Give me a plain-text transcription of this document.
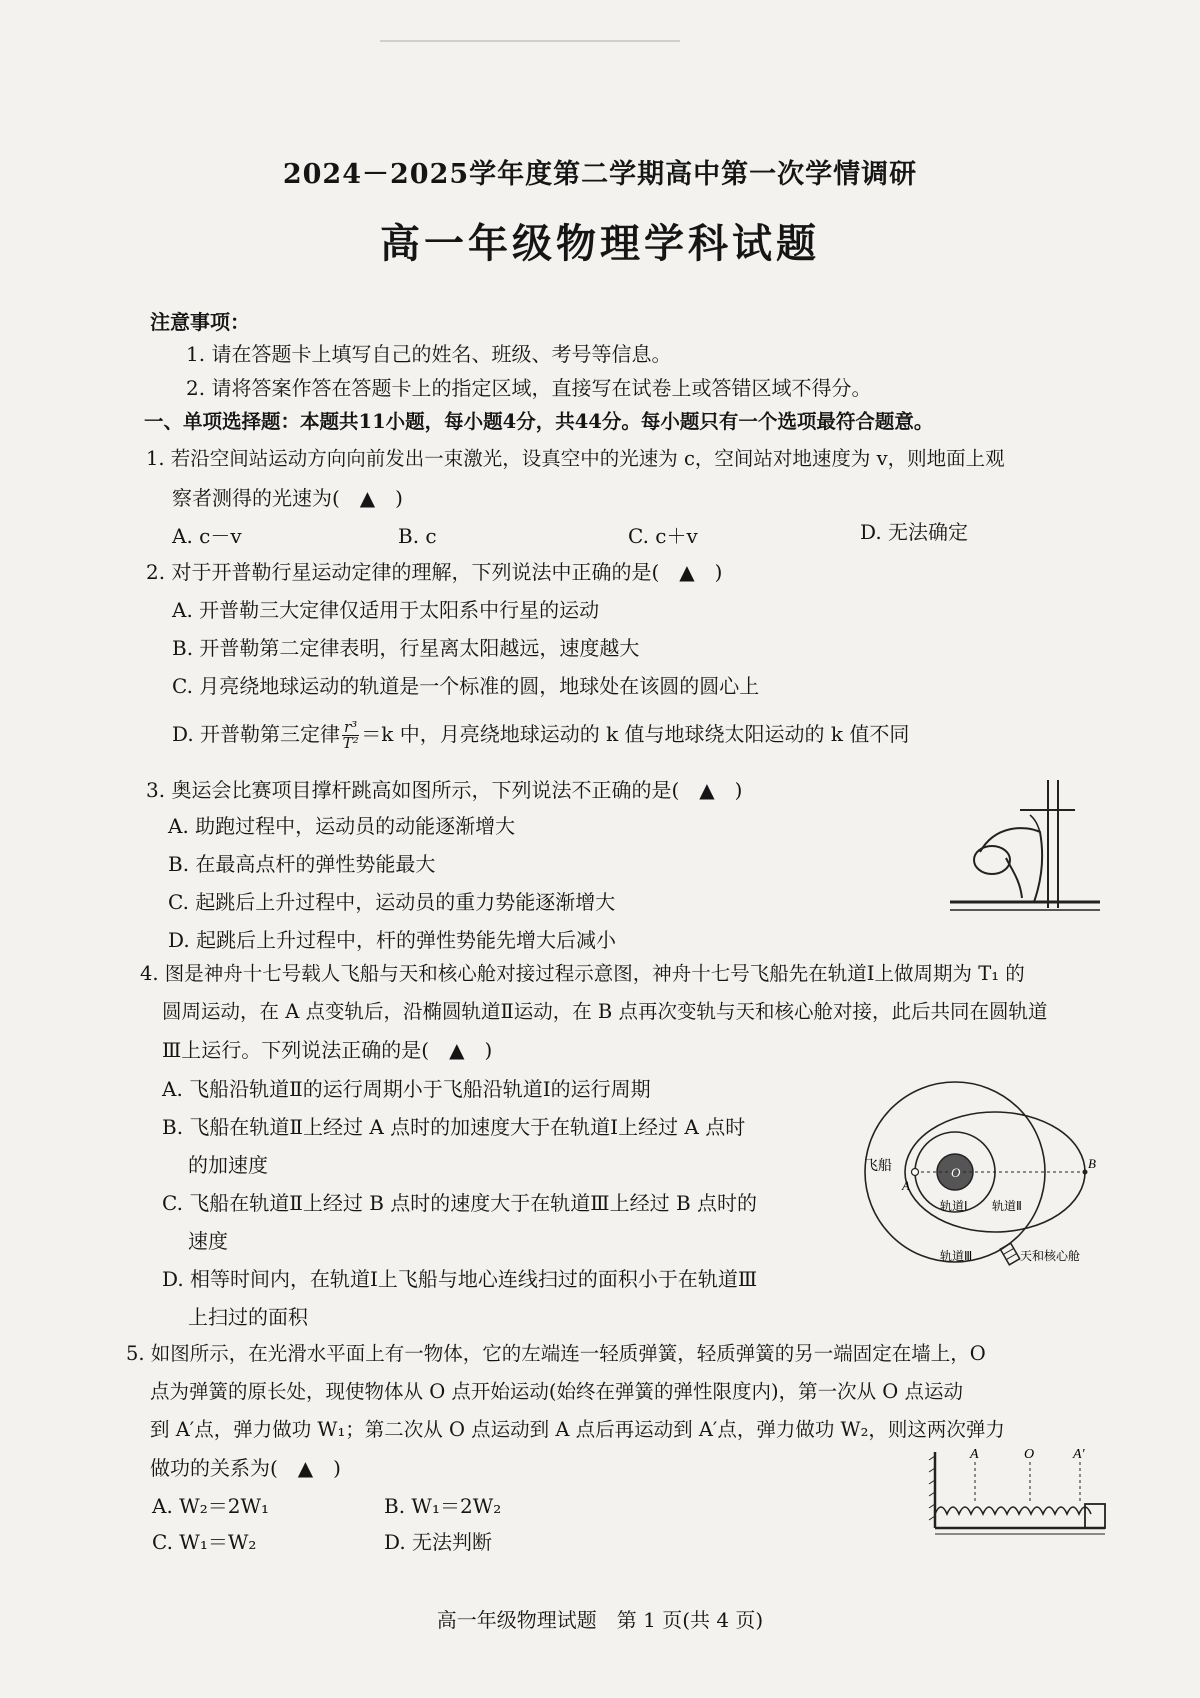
2024－2025学年度第二学期高中第一次学情调研
高一年级物理学科试题
注意事项：
1. 请在答题卡上填写自己的姓名、班级、考号等信息。
2. 请将答案作答在答题卡上的指定区域，直接写在试卷上或答错区域不得分。
一、单项选择题：本题共11小题，每小题4分，共44分。每小题只有一个选项最符合题意。
1. 若沿空间站运动方向向前发出一束激光，设真空中的光速为 c，空间站对地速度为 v，则地面上观
察者测得的光速为(　▲　)
A. c－v	B. c	C. c＋v	D. 无法确定
2. 对于开普勒行星运动定律的理解，下列说法中正确的是(　▲　)
A. 开普勒三大定律仅适用于太阳系中行星的运动
B. 开普勒第二定律表明，行星离太阳越远，速度越大
C. 月亮绕地球运动的轨道是一个标准的圆，地球处在该圆的圆心上
D. 开普勒第三定律 $\frac{\text{r³}}{\text{T²}} =k$ 中，月亮绕地球运动的 k 值与地球绕太阳运动的 k 值不同
3. 奥运会比赛项目撑杆跳高如图所示，下列说法不正确的是(　▲　)
A. 助跑过程中，运动员的动能逐渐增大
B. 在最高点杆的弹性势能最大
C. 起跳后上升过程中，运动员的重力势能逐渐增大
D. 起跳后上升过程中，杆的弹性势能先增大后减小
4. 图是神舟十七号载人飞船与天和核心舱对接过程示意图，神舟十七号飞船先在轨道Ⅰ上做周期为 T₁ 的
圆周运动，在 A 点变轨后，沿椭圆轨道Ⅱ运动，在 B 点再次变轨与天和核心舱对接，此后共同在圆轨道
Ⅲ上运行。下列说法正确的是(　▲　)
A. 飞船沿轨道Ⅱ的运行周期小于飞船沿轨道Ⅰ的运行周期
B. 飞船在轨道Ⅱ上经过 A 点时的加速度大于在轨道Ⅰ上经过 A 点时
的加速度
C. 飞船在轨道Ⅱ上经过 B 点时的速度大于在轨道Ⅲ上经过 B 点时的
速度
D. 相等时间内，在轨道Ⅰ上飞船与地心连线扫过的面积小于在轨道Ⅲ
上扫过的面积
飞船
A
B
O
轨道Ⅰ 轨道Ⅱ
轨道Ⅲ	天和核心舱
5. 如图所示，在光滑水平面上有一物体，它的左端连一轻质弹簧，轻质弹簧的另一端固定在墙上，O
点为弹簧的原长处，现使物体从 O 点开始运动(始终在弹簧的弹性限度内)，第一次从 O 点运动
到 A′点，弹力做功 W₁；第二次从 O 点运动到 A 点后再运动到 A′点，弹力做功 W₂，则这两次弹力
做功的关系为(　▲　)
A. W₂＝2W₁	B. W₁＝2W₂
C. W₁＝W₂	D. 无法判断
A	O	A′
高一年级物理试题　第 1 页(共 4 页)
